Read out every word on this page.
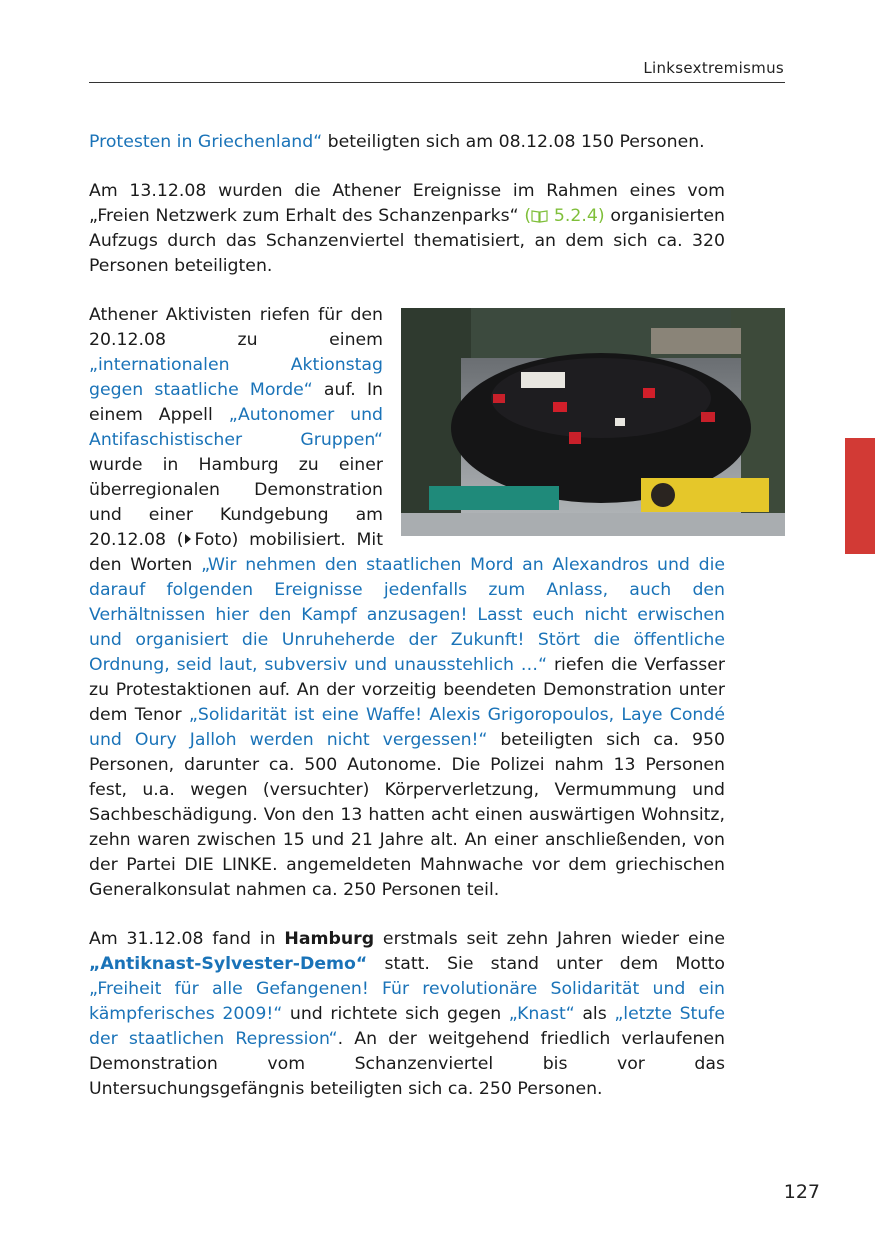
Linksextremismus

Protesten in Griechenland“ beteiligten sich am 08.12.08 150 Personen.

Am 13.12.08 wurden die Athener Ereignisse im Rahmen eines vom „Freien Netzwerk zum Erhalt des Schanzenparks“ ( 5.2.4) organisierten Aufzugs durch das Schanzenviertel thematisiert, an dem sich ca. 320 Personen beteiligten.

Athener Aktivisten riefen für den 20.12.08 zu einem „internationalen Aktionstag gegen staatliche Morde“ auf. In einem Appell „Autonomer und Antifaschistischer Gruppen“ wurde in Hamburg zu einer überregionalen Demonstration und einer Kundgebung am 20.12.08 ( Foto) mobilisiert. Mit den Worten „Wir nehmen den staatlichen Mord an Alexandros und die darauf folgenden Ereignisse jedenfalls zum Anlass, auch den Verhältnissen hier den Kampf anzusagen! Lasst euch nicht erwischen und organisiert die Unruheherde der Zukunft! Stört die öffentliche Ordnung, seid laut, subversiv und unausstehlich …“ riefen die Verfasser zu Protestaktionen auf. An der vorzeitig beendeten Demonstration unter dem Tenor „Solidarität ist eine Waffe! Alexis Grigoropoulos, Laye Condé und Oury Jalloh werden nicht vergessen!“ beteiligten sich ca. 950 Personen, darunter ca. 500 Autonome. Die Polizei nahm 13 Personen fest, u.a. wegen (versuchter) Körperverletzung, Vermummung und Sachbeschädigung. Von den 13 hatten acht einen auswärtigen Wohnsitz, zehn waren zwischen 15 und 21 Jahre alt. An einer anschließenden, von der Partei DIE LINKE. angemeldeten Mahnwache vor dem griechischen Generalkonsulat nahmen ca. 250 Personen teil.

Am 31.12.08 fand in Hamburg erstmals seit zehn Jahren wieder eine „Antiknast-Sylvester-Demo“ statt. Sie stand unter dem Motto „Freiheit für alle Gefangenen! Für revolutionäre Solidarität und ein kämpferisches 2009!“ und richtete sich gegen „Knast“ als „letzte Stufe der staatlichen Repression“. An der weitgehend friedlich verlaufenen Demonstration vom Schanzenviertel bis vor das Untersuchungsgefängnis beteiligten sich ca. 250 Personen.

127
